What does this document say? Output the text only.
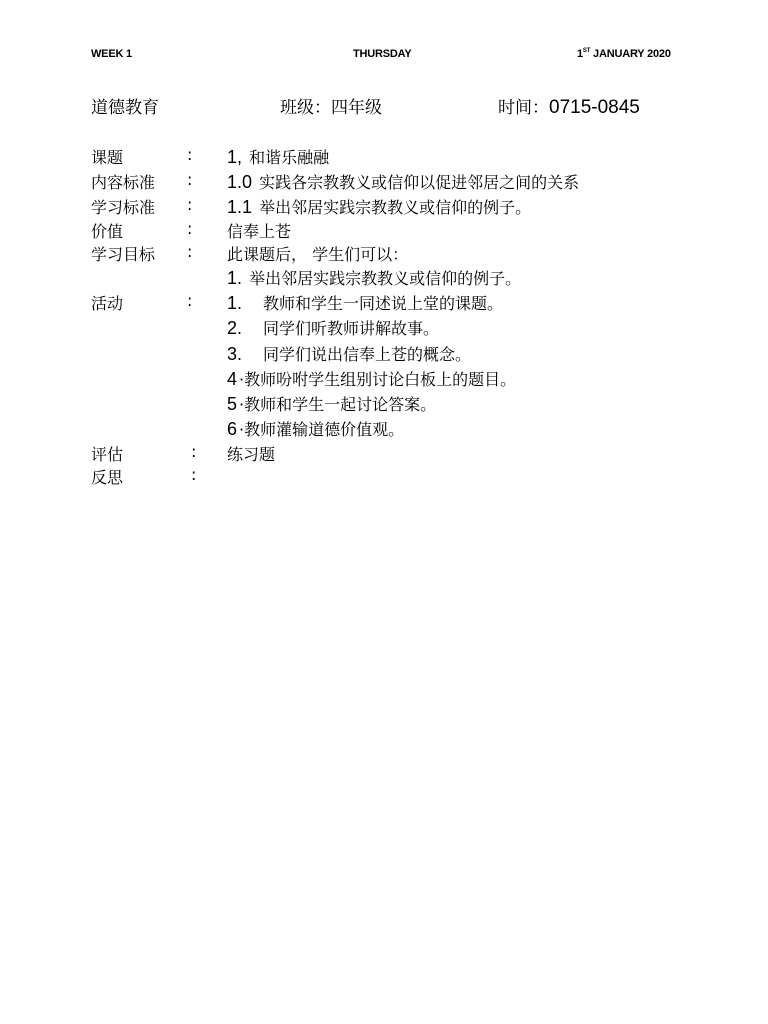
WEEK 1	THURSDAY	1ST JANUARY 2020
道德教育	班级：四年级	时间：0715-0845
课题	: 1, 和谐乐融融
内容标准	: 1.0 实践各宗教教义或信仰以促进邻居之间的关系
学习标准	: 1.1 举出邻居实践宗教教义或信仰的例子。
价值	: 信奉上苍
学习目标	: 此课题后， 学生们可以：
1. 举出邻居实践宗教教义或信仰的例子。
活动	: 1. 教师和学生一同述说上堂的课题。
2. 同学们听教师讲解故事。
3. 同学们说出信奉上苍的概念。
4 ·教师吩咐学生组别讨论白板上的题目。
5 ·教师和学生一起讨论答案。
6 ·教师灌输道德价值观。
评估	: 练习题
反思	:
